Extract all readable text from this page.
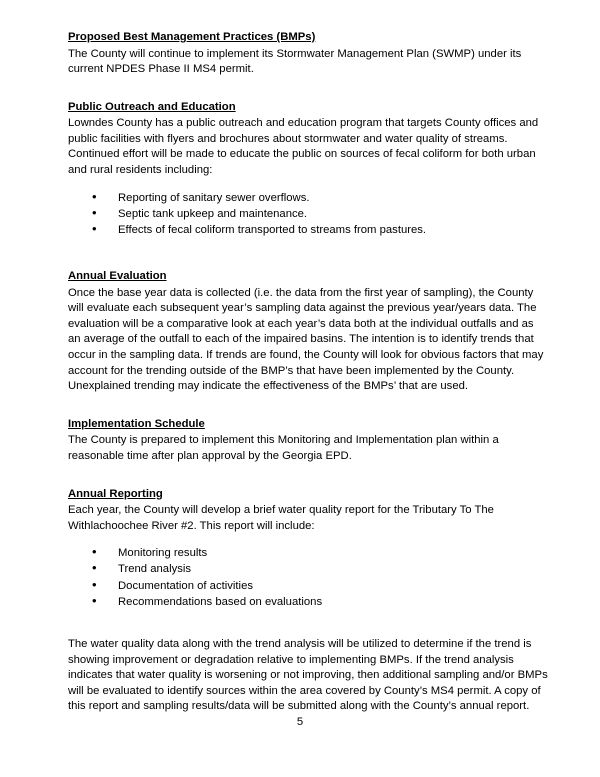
Proposed Best Management Practices (BMPs)

The County will continue to implement its Stormwater Management Plan (SWMP) under its current NPDES Phase II MS4 permit.

Public Outreach and Education

Lowndes County has a public outreach and education program that targets County offices and public facilities with flyers and brochures about stormwater and water quality of streams. Continued effort will be made to educate the public on sources of fecal coliform for both urban and rural residents including:

• Reporting of sanitary sewer overflows.
• Septic tank upkeep and maintenance.
• Effects of fecal coliform transported to streams from pastures.
Annual Evaluation

Once the base year data is collected (i.e. the data from the first year of sampling), the County will evaluate each subsequent year’s sampling data against the previous year/years data. The evaluation will be a comparative look at each year’s data both at the individual outfalls and as an average of the outfall to each of the impaired basins. The intention is to identify trends that occur in the sampling data. If trends are found, the County will look for obvious factors that may account for the trending outside of the BMP’s that have been implemented by the County. Unexplained trending may indicate the effectiveness of the BMPs’ that are used.

Implementation Schedule

The County is prepared to implement this Monitoring and Implementation plan within a reasonable time after plan approval by the Georgia EPD.

Annual Reporting

Each year, the County will develop a brief water quality report for the Tributary To The Withlachoochee River #2. This report will include:

• Monitoring results
• Trend analysis
• Documentation of activities
• Recommendations based on evaluations

The water quality data along with the trend analysis will be utilized to determine if the trend is showing improvement or degradation relative to implementing BMPs. If the trend analysis indicates that water quality is worsening or not improving, then additional sampling and/or BMPs will be evaluated to identify sources within the area covered by County’s MS4 permit. A copy of this report and sampling results/data will be submitted along with the County’s annual report.

5
